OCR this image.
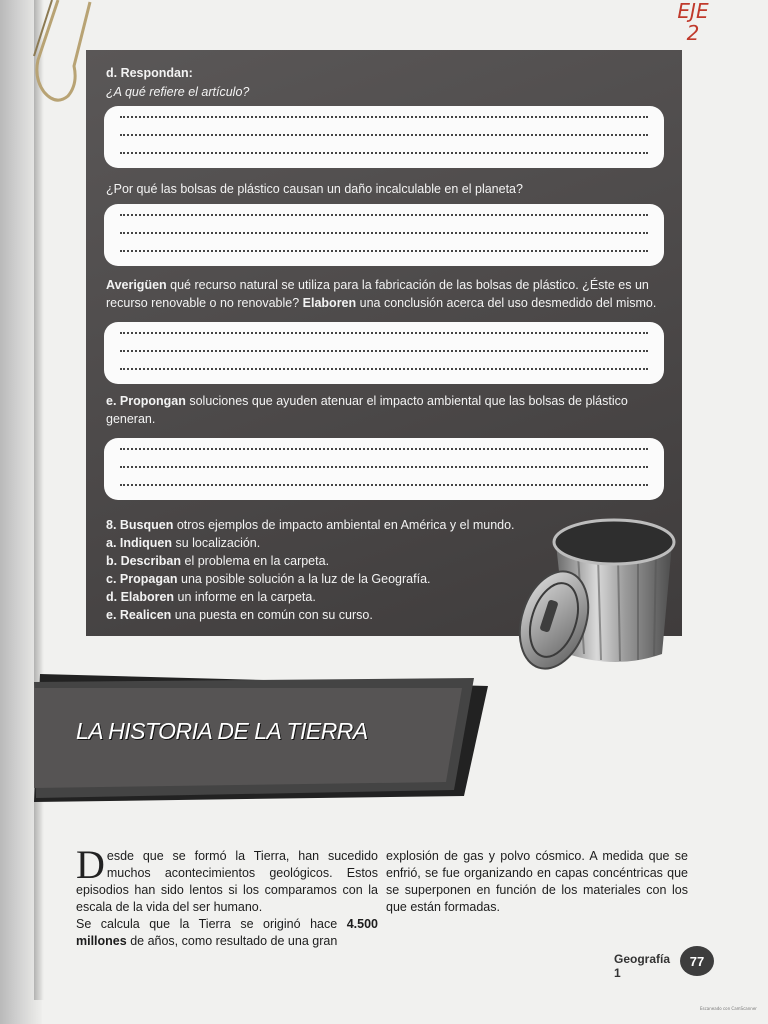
EJE
2

d. Respondan:

¿A qué refiere el artículo?

¿Por qué las bolsas de plástico causan un daño incalculable en el planeta?

Averigüen qué recurso natural se utiliza para la fabricación de las bolsas de plástico. ¿Éste es un
recurso renovable o no renovable? Elaboren una conclusión acerca del uso desmedido del mismo.

e. Propongan soluciones que ayuden atenuar el impacto ambiental que las bolsas de plástico
generan.

8. Busquen otros ejemplos de impacto ambiental en América y el mundo.
a. Indiquen su localización.
b. Describan el problema en la carpeta.
c. Propagan una posible solución a la luz de la Geografía.
d. Elaboren un informe en la carpeta.
e. Realicen una puesta en común con su curso.

LA HISTORIA DE LA TIERRA

Desde que se formó la Tierra, han sucedido muchos acontecimientos geológicos. Estos episodios han sido lentos si los comparamos con la escala de la vida del ser humano.

Se calcula que la Tierra se originó hace 4.500 millones de años, como resultado de una gran

explosión de gas y polvo cósmico. A medida que se enfrió, se fue organizando en capas concéntricas que se superponen en función de los materiales con los que están formadas.

Geografía 1
77
Escaneado con CamScanner
